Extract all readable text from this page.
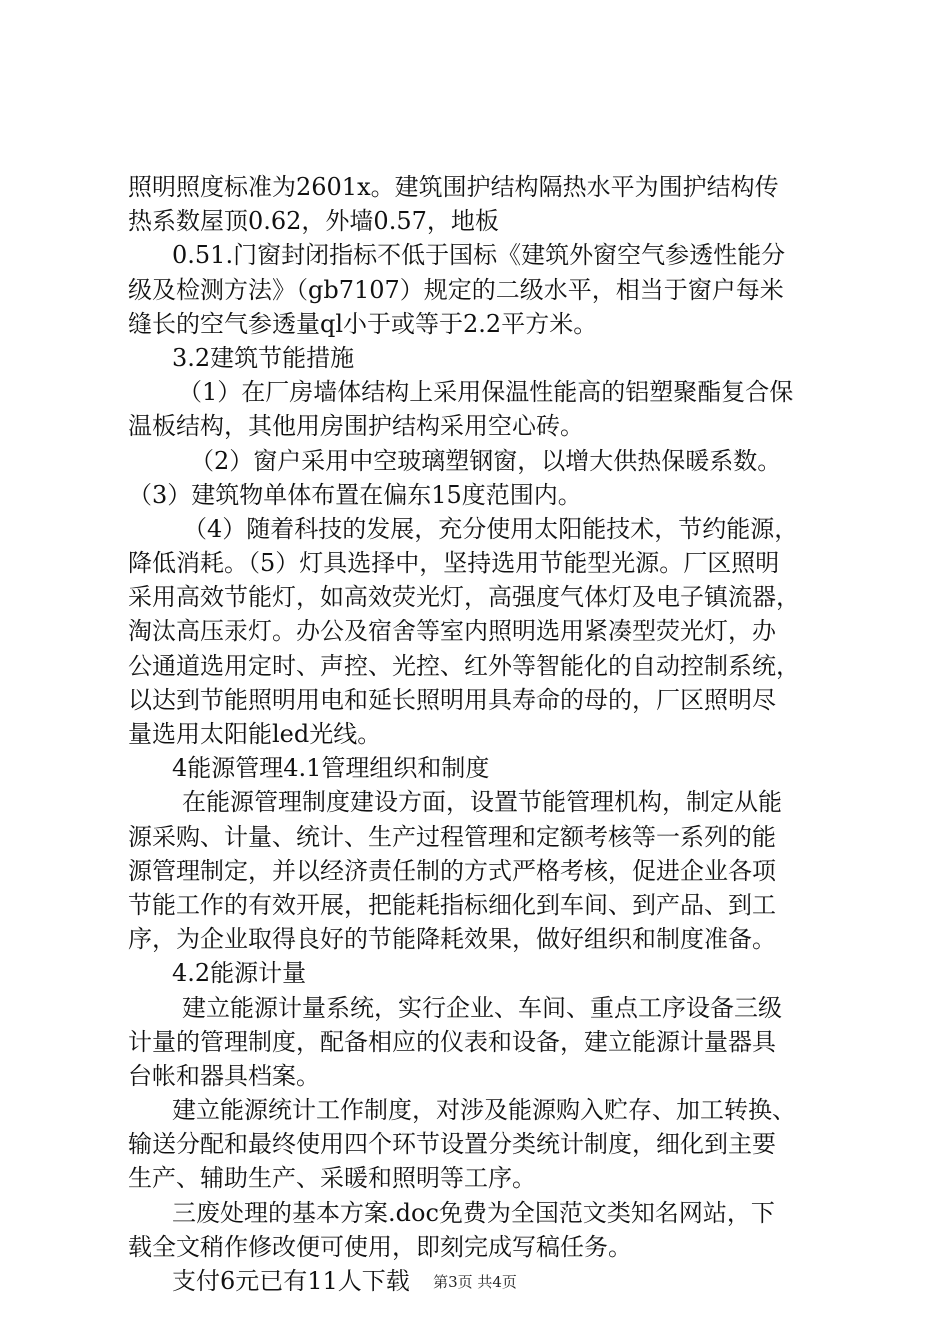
照明照度标准为2601x。建筑围护结构隔热水平为围护结构传
热系数屋顶0.62，外墙0.57，地板
0.51.门窗封闭指标不低于国标《建筑外窗空气参透性能分
级及检测方法》（gb7107）规定的二级水平，相当于窗户每米
缝长的空气参透量ql小于或等于2.2平方米。
3.2建筑节能措施
（1）在厂房墙体结构上采用保温性能高的铝塑聚酯复合保
温板结构，其他用房围护结构采用空心砖。
（2）窗户采用中空玻璃塑钢窗，以增大供热保暖系数。
（3）建筑物单体布置在偏东15度范围内。
（4）随着科技的发展，充分使用太阳能技术，节约能源，
降低消耗。（5）灯具选择中，坚持选用节能型光源。厂区照明
采用高效节能灯，如高效荧光灯，高强度气体灯及电子镇流器，
淘汰高压汞灯。办公及宿舍等室内照明选用紧凑型荧光灯，办
公通道选用定时、声控、光控、红外等智能化的自动控制系统，
以达到节能照明用电和延长照明用具寿命的母的，厂区照明尽
量选用太阳能led光线。
4能源管理4.1管理组织和制度
在能源管理制度建设方面，设置节能管理机构，制定从能
源采购、计量、统计、生产过程管理和定额考核等一系列的能
源管理制定，并以经济责任制的方式严格考核，促进企业各项
节能工作的有效开展，把能耗指标细化到车间、到产品、到工
序，为企业取得良好的节能降耗效果，做好组织和制度准备。
4.2能源计量
建立能源计量系统，实行企业、车间、重点工序设备三级
计量的管理制度，配备相应的仪表和设备，建立能源计量器具
台帐和器具档案。
建立能源统计工作制度，对涉及能源购入贮存、加工转换、
输送分配和最终使用四个环节设置分类统计制度，细化到主要
生产、辅助生产、采暖和照明等工序。
三废处理的基本方案.doc免费为全国范文类知名网站，下
载全文稍作修改便可使用，即刻完成写稿任务。
支付6元已有11人下载	第3页 共4页
